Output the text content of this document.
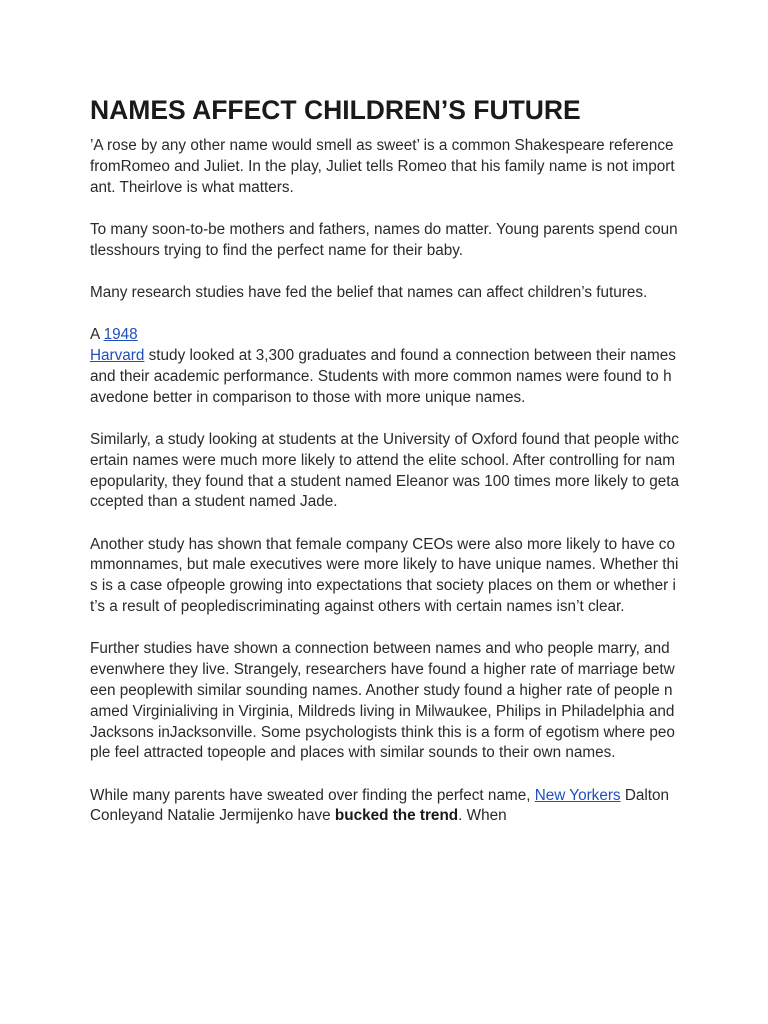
NAMES AFFECT CHILDREN’S FUTURE

’A rose by any other name would smell as sweet’ is a common Shakespeare reference fromRomeo and Juliet. In the play, Juliet tells Romeo that his family name is not important. Theirlove is what matters.

To many soon-to-be mothers and fathers, names do matter. Young parents spend countlesshours trying to find the perfect name for their baby.

Many research studies have fed the belief that names can affect children’s futures.

A 1948
Harvard study looked at 3,300 graduates and found a connection between their namesand their academic performance. Students with more common names were found to havedone better in comparison to those with more unique names.

Similarly, a study looking at students at the University of Oxford found that people withcertain names were much more likely to attend the elite school. After controlling for namepopularity, they found that a student named Eleanor was 100 times more likely to getaccepted than a student named Jade.

Another study has shown that female company CEOs were also more likely to have commonnames, but male executives were more likely to have unique names. Whether this is a case ofpeople growing into expectations that society places on them or whether it’s a result of peoplediscriminating against others with certain names isn’t clear.

Further studies have shown a connection between names and who people marry, and evenwhere they live. Strangely, researchers have found a higher rate of marriage between peoplewith similar sounding names. Another study found a higher rate of people named Virginialiving in Virginia, Mildreds living in Milwaukee, Philips in Philadelphia and Jacksons inJacksonville. Some psychologists think this is a form of egotism where people feel attracted topeople and places with similar sounds to their own names.

While many parents have sweated over finding the perfect name, New Yorkers Dalton Conleyand Natalie Jermijenko have bucked the trend. When
